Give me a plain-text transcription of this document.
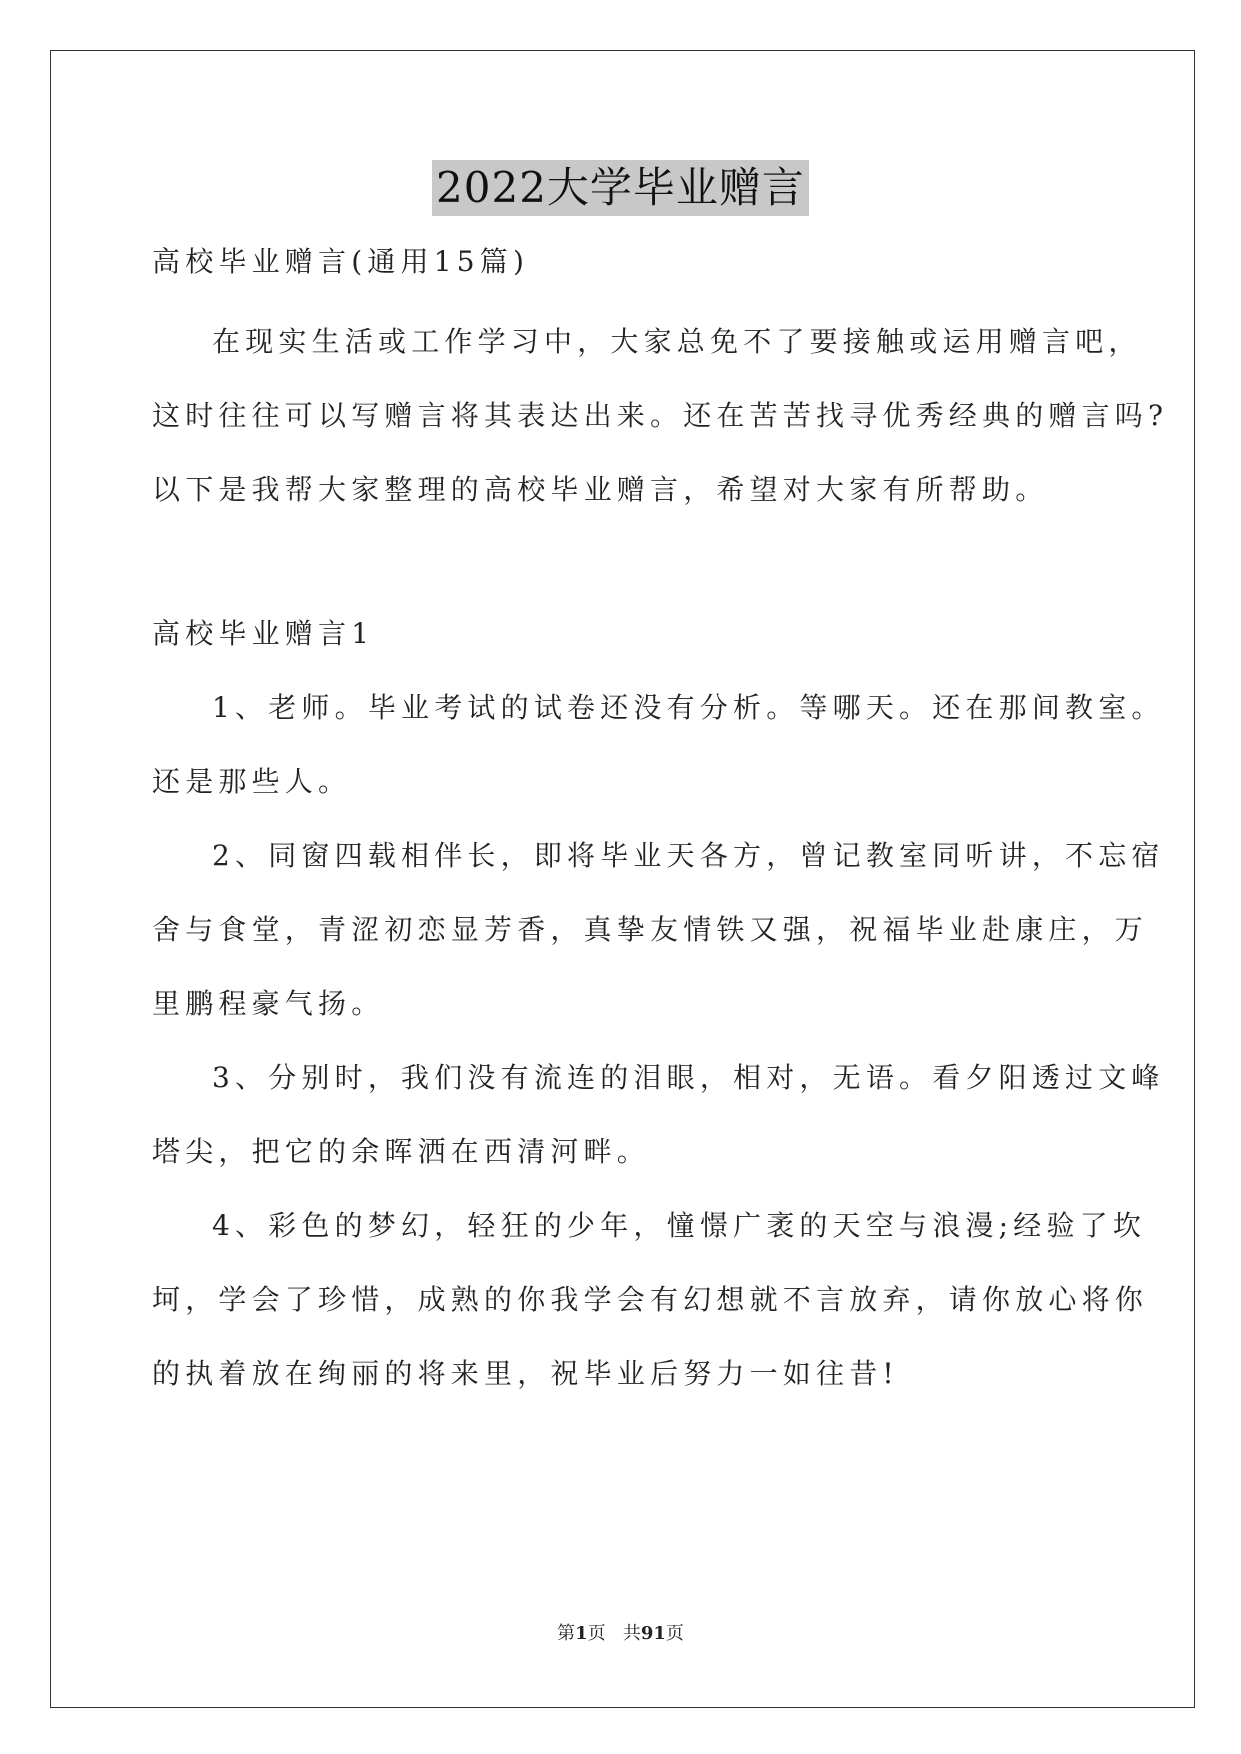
2022大学毕业赠言
高校毕业赠言(通用15篇)
在现实生活或工作学习中，大家总免不了要接触或运用赠言吧，
这时往往可以写赠言将其表达出来。还在苦苦找寻优秀经典的赠言吗?
以下是我帮大家整理的高校毕业赠言，希望对大家有所帮助。
高校毕业赠言1
1、老师。毕业考试的试卷还没有分析。等哪天。还在那间教室。
还是那些人。
2、同窗四载相伴长，即将毕业天各方，曾记教室同听讲，不忘宿
舍与食堂，青涩初恋显芳香，真挚友情铁又强，祝福毕业赴康庄，万
里鹏程豪气扬。
3、分别时，我们没有流连的泪眼，相对，无语。看夕阳透过文峰
塔尖，把它的余晖洒在西清河畔。
4、彩色的梦幻，轻狂的少年，憧憬广袤的天空与浪漫;经验了坎
坷，学会了珍惜，成熟的你我学会有幻想就不言放弃，请你放心将你
的执着放在绚丽的将来里，祝毕业后努力一如往昔!
第1页 共91页
